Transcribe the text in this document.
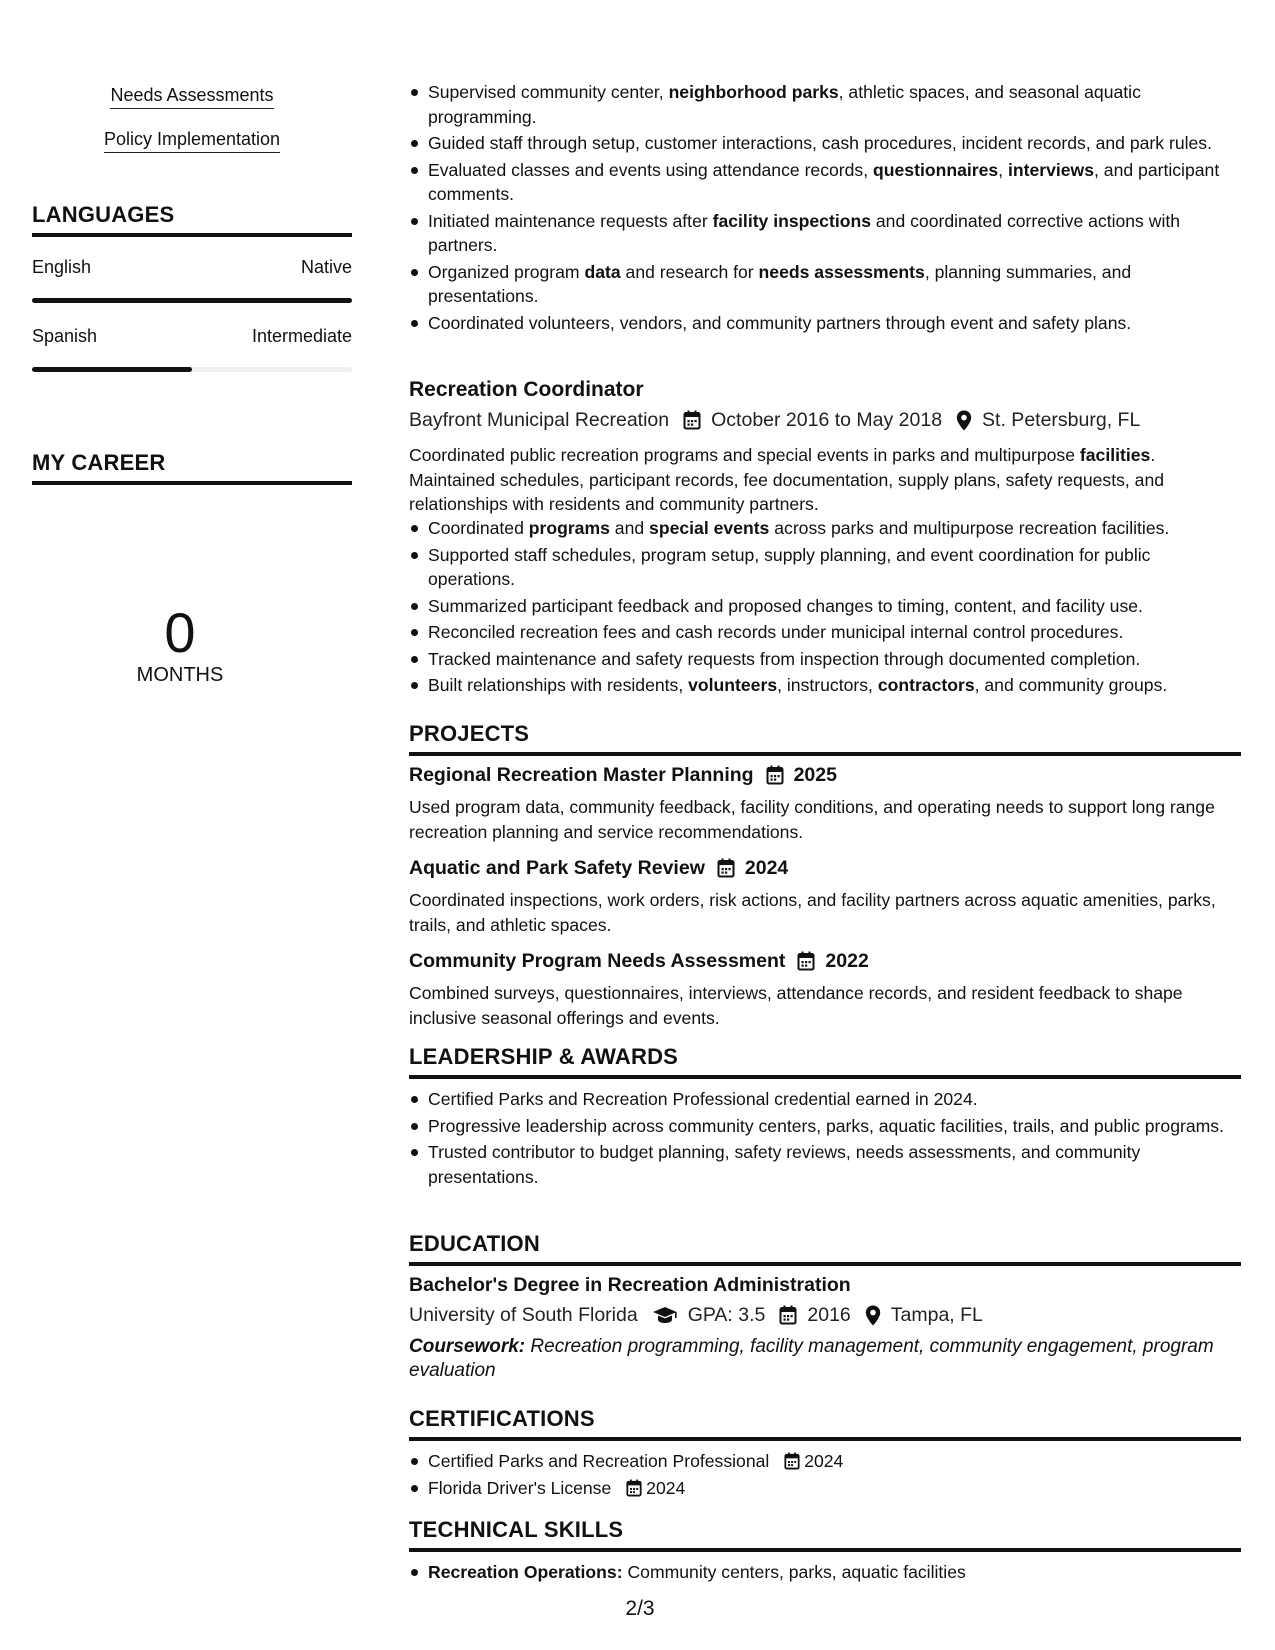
Needs Assessments
Policy Implementation
LANGUAGES
English	Native
Spanish	Intermediate
MY CAREER
0
MONTHS
Supervised community center, neighborhood parks, athletic spaces, and seasonal aquatic programming.
Guided staff through setup, customer interactions, cash procedures, incident records, and park rules.
Evaluated classes and events using attendance records, questionnaires, interviews, and participant comments.
Initiated maintenance requests after facility inspections and coordinated corrective actions with partners.
Organized program data and research for needs assessments, planning summaries, and presentations.
Coordinated volunteers, vendors, and community partners through event and safety plans.
Recreation Coordinator
Bayfront Municipal Recreation October 2016 to May 2018 St. Petersburg, FL
Coordinated public recreation programs and special events in parks and multipurpose facilities. Maintained schedules, participant records, fee documentation, supply plans, safety requests, and relationships with residents and community partners.
Coordinated programs and special events across parks and multipurpose recreation facilities.
Supported staff schedules, program setup, supply planning, and event coordination for public operations.
Summarized participant feedback and proposed changes to timing, content, and facility use.
Reconciled recreation fees and cash records under municipal internal control procedures.
Tracked maintenance and safety requests from inspection through documented completion.
Built relationships with residents, volunteers, instructors, contractors, and community groups.
PROJECTS
Regional Recreation Master Planning 2025
Used program data, community feedback, facility conditions, and operating needs to support long range recreation planning and service recommendations.
Aquatic and Park Safety Review 2024
Coordinated inspections, work orders, risk actions, and facility partners across aquatic amenities, parks, trails, and athletic spaces.
Community Program Needs Assessment 2022
Combined surveys, questionnaires, interviews, attendance records, and resident feedback to shape inclusive seasonal offerings and events.
LEADERSHIP & AWARDS
Certified Parks and Recreation Professional credential earned in 2024.
Progressive leadership across community centers, parks, aquatic facilities, trails, and public programs.
Trusted contributor to budget planning, safety reviews, needs assessments, and community presentations.
EDUCATION
Bachelor's Degree in Recreation Administration
University of South Florida	GPA: 3.5 2016 Tampa, FL
Coursework: Recreation programming, facility management, community engagement, program evaluation
CERTIFICATIONS
Certified Parks and Recreation Professional 2024
Florida Driver's License 2024
TECHNICAL SKILLS
Recreation Operations: Community centers, parks, aquatic facilities
2/3
